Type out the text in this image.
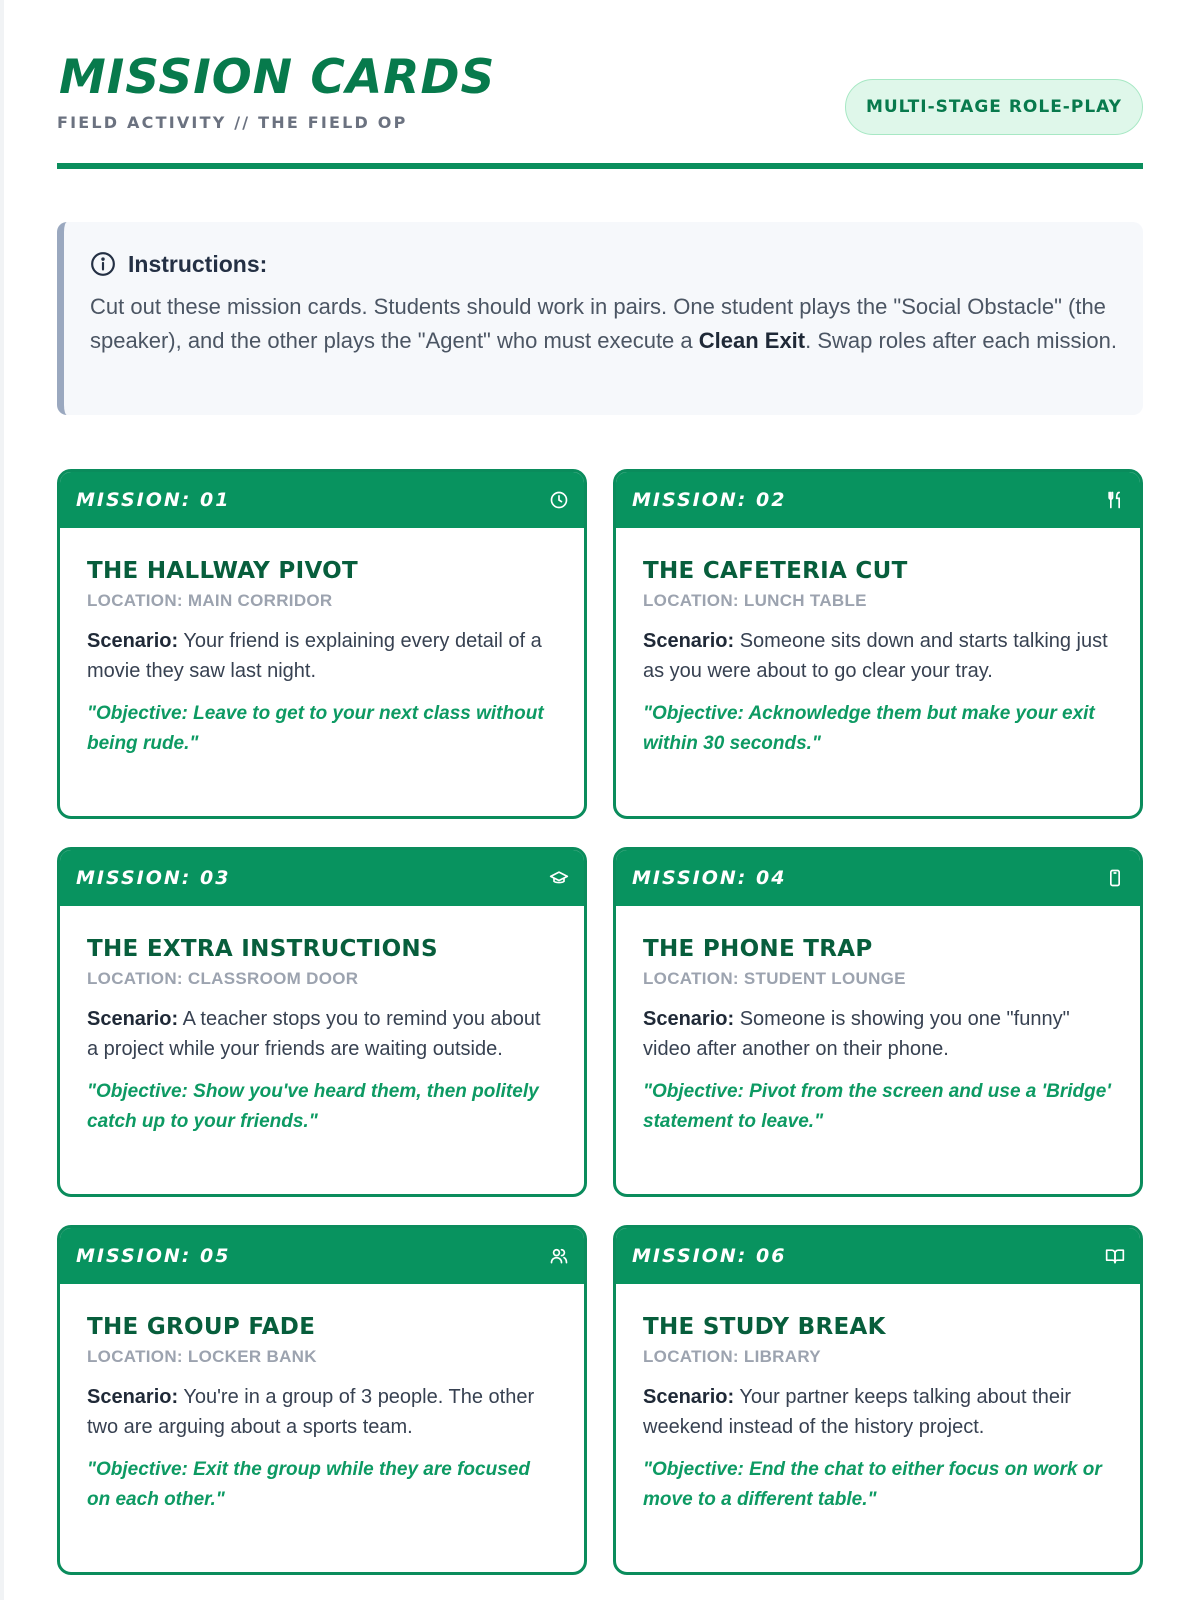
MISSION CARDS
FIELD ACTIVITY // THE FIELD OP
MULTI-STAGE ROLE-PLAY
Instructions:

Cut out these mission cards. Students should work in pairs. One student plays the "Social Obstacle" (the speaker), and the other plays the "Agent" who must execute a Clean Exit. Swap roles after each mission.

MISSION: 01
THE HALLWAY PIVOT
LOCATION: MAIN CORRIDOR

Scenario: Your friend is explaining every detail of a movie they saw last night.

"Objective: Leave to get to your next class without being rude."

MISSION: 02
THE CAFETERIA CUT
LOCATION: LUNCH TABLE

Scenario: Someone sits down and starts talking just as you were about to go clear your tray.

"Objective: Acknowledge them but make your exit within 30 seconds."

MISSION: 03
THE EXTRA INSTRUCTIONS
LOCATION: CLASSROOM DOOR

Scenario: A teacher stops you to remind you about a project while your friends are waiting outside.

"Objective: Show you've heard them, then politely catch up to your friends."

MISSION: 04
THE PHONE TRAP
LOCATION: STUDENT LOUNGE

Scenario: Someone is showing you one "funny" video after another on their phone.

"Objective: Pivot from the screen and use a 'Bridge' statement to leave."

MISSION: 05
THE GROUP FADE
LOCATION: LOCKER BANK

Scenario: You're in a group of 3 people. The other two are arguing about a sports team.

"Objective: Exit the group while they are focused on each other."

MISSION: 06
THE STUDY BREAK
LOCATION: LIBRARY

Scenario: Your partner keeps talking about their weekend instead of the history project.

"Objective: End the chat to either focus on work or move to a different table."
